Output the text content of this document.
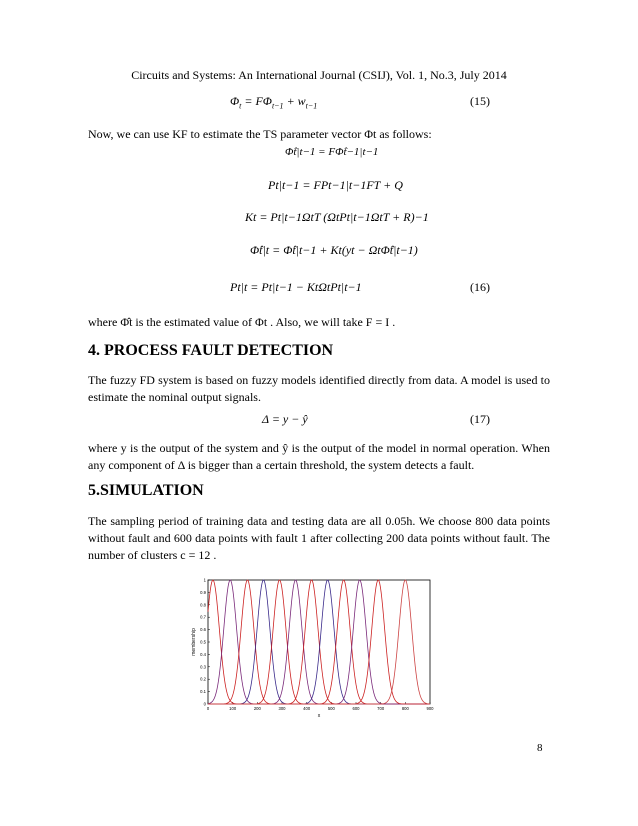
Circuits and Systems: An International Journal (CSIJ), Vol. 1, No.3, July 2014
$\Phi_t = F\Phi_{t-1} + w_{t-1}$	(15)
Now, we can use KF to estimate the TS parameter vector Φt as follows:
Φ̂t|t−1 = FΦ̂t−1|t−1
Pt|t−1 = FPt−1|t−1FT + Q
Kt = Pt|t−1ΩtT (ΩtPt|t−1ΩtT + R)−1
Φ̂t|t = Φ̂t|t−1 + Kt(yt − ΩtΦ̂t|t−1)
Pt|t = Pt|t−1 − KtΩtPt|t−1	(16)
where Φ̂t is the estimated value of Φt . Also, we will take F = I .
4. PROCESS FAULT DETECTION
The fuzzy FD system is based on fuzzy models identified directly from data. A model is used to estimate the nominal output signals.
Δ = y − ŷ	(17)
where y is the output of the system and ŷ is the output of the model in normal operation. When any component of Δ is bigger than a certain threshold, the system detects a fault.
5.SIMULATION
The sampling period of training data and testing data are all 0.05h. We choose 800 data points without fault and 600 data points with fault 1 after collecting 200 data points without fault. The number of clusters c = 12 .
0	100	200	300	400	500	600	700	800	900
0
0.1
0.2
0.3
0.4
0.5
0.6
0.7
0.8
0.9
1
x
membership
8
